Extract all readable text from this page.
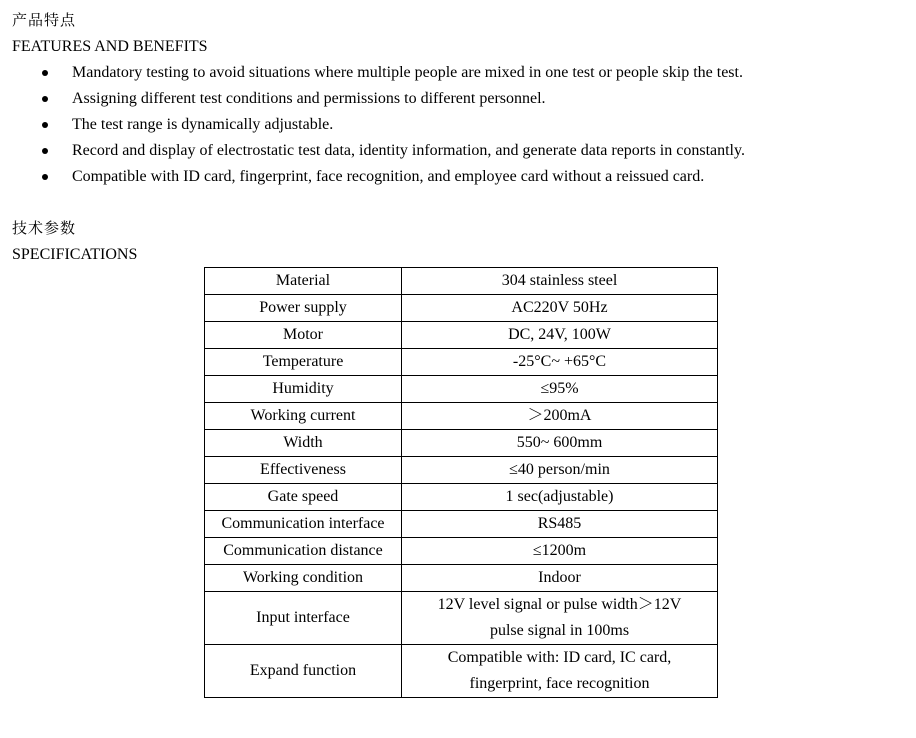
产品特点
FEATURES AND BENEFITS
Mandatory testing to avoid situations where multiple people are mixed in one test or people skip the test.
Assigning different test conditions and permissions to different personnel.
The test range is dynamically adjustable.
Record and display of electrostatic test data, identity information, and generate data reports in constantly.
Compatible with ID card, fingerprint, face recognition, and employee card without a reissued card.
技术参数
SPECIFICATIONS
Material	304 stainless steel
Power supply	AC220V 50Hz
Motor	DC, 24V, 100W
Temperature	-25°C~ +65°C
Humidity	≤95%
Working current	＞200mA
Width	550~ 600mm
Effectiveness	≤40 person/min
Gate speed	1 sec(adjustable)
Communication interface	RS485
Communication distance	≤1200m
Working condition	Indoor
Input interface	12V level signal or pulse width＞12V
pulse signal in 100ms

Expand function	Compatible with: ID card, IC card,
fingerprint, face recognition
